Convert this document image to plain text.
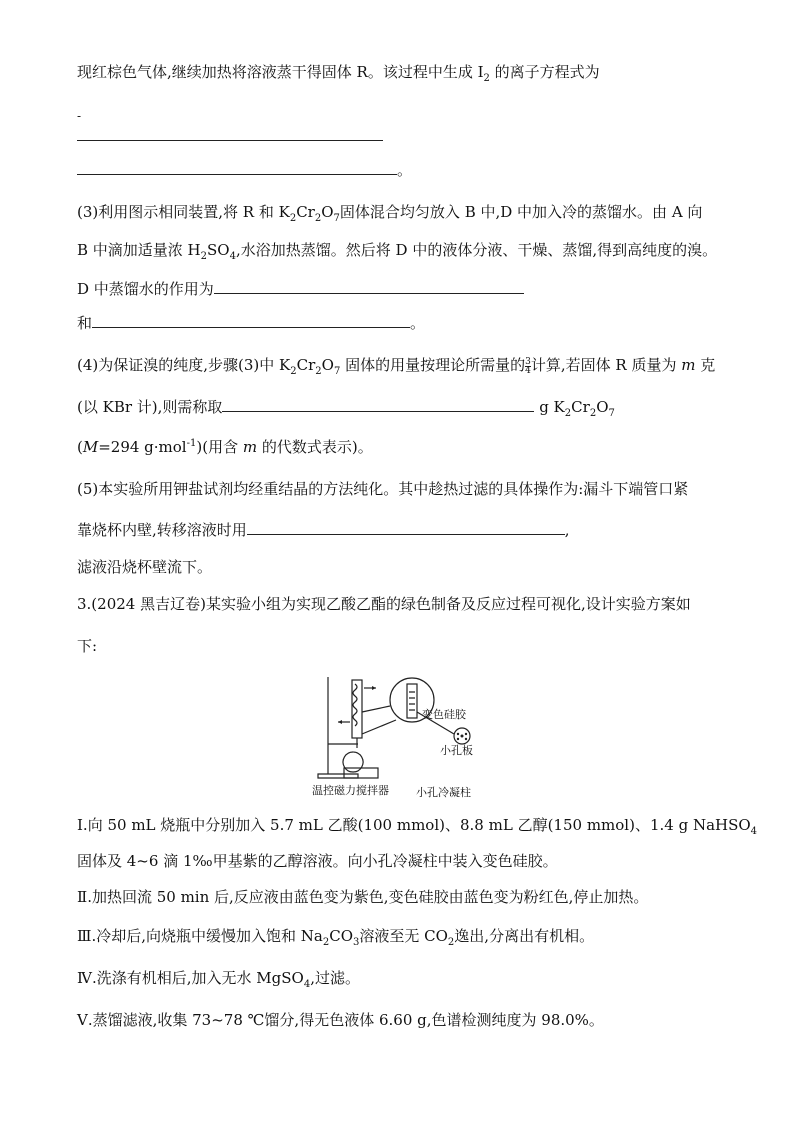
现红棕色气体,继续加热将溶液蒸干得固体 R。该过程中生成 $I_2$ 的离子方程式为
-
。
(3)利用图示相同装置,将 R 和 $K_2Cr_2O_7$固体混合均匀放入 B 中,D 中加入冷的蒸馏水。由 A 向
B 中滴加适量浓 $H_2SO_4$,水浴加热蒸馏。然后将 D 中的液体分液、干燥、蒸馏,得到高纯度的溴。
D 中蒸馏水的作用为
和	。
(4)为保证溴的纯度,步骤(3)中 $K_2Cr_2O_7$ 固体的用量按理论所需量的 $\frac{3}{4}$ 计算,若固体 R 质量为 m 克
(以 KBr 计),则需称取	g $K_2Cr_2O_7$
(M=294 g·mol$^{-1}$)(用含 m 的代数式表示)。
(5)本实验所用钾盐试剂均经重结晶的方法纯化。其中趁热过滤的具体操作为:漏斗下端管口紧
靠烧杯内壁,转移溶液时用	,
滤液沿烧杯壁流下。
3.(2024 黑吉辽卷)某实验小组为实现乙酸乙酯的绿色制备及反应过程可视化,设计实验方案如
下:
变色硅胶
小孔板
小孔冷凝柱
温控磁力搅拌器
Ⅰ.向 50 mL 烧瓶中分别加入 5.7 mL 乙酸(100 mmol)、8.8 mL 乙醇(150 mmol)、1.4 g NaHSO$_4$
固体及 4~6 滴 1‰甲基紫的乙醇溶液。向小孔冷凝柱中装入变色硅胶。
Ⅱ.加热回流 50 min 后,反应液由蓝色变为紫色,变色硅胶由蓝色变为粉红色,停止加热。
Ⅲ.冷却后,向烧瓶中缓慢加入饱和 $Na_2CO_3$溶液至无 $CO_2$逸出,分离出有机相。
Ⅳ.洗涤有机相后,加入无水 MgSO$_4$,过滤。
Ⅴ.蒸馏滤液,收集 73~78 ℃馏分,得无色液体 6.60 g,色谱检测纯度为 98.0%。
